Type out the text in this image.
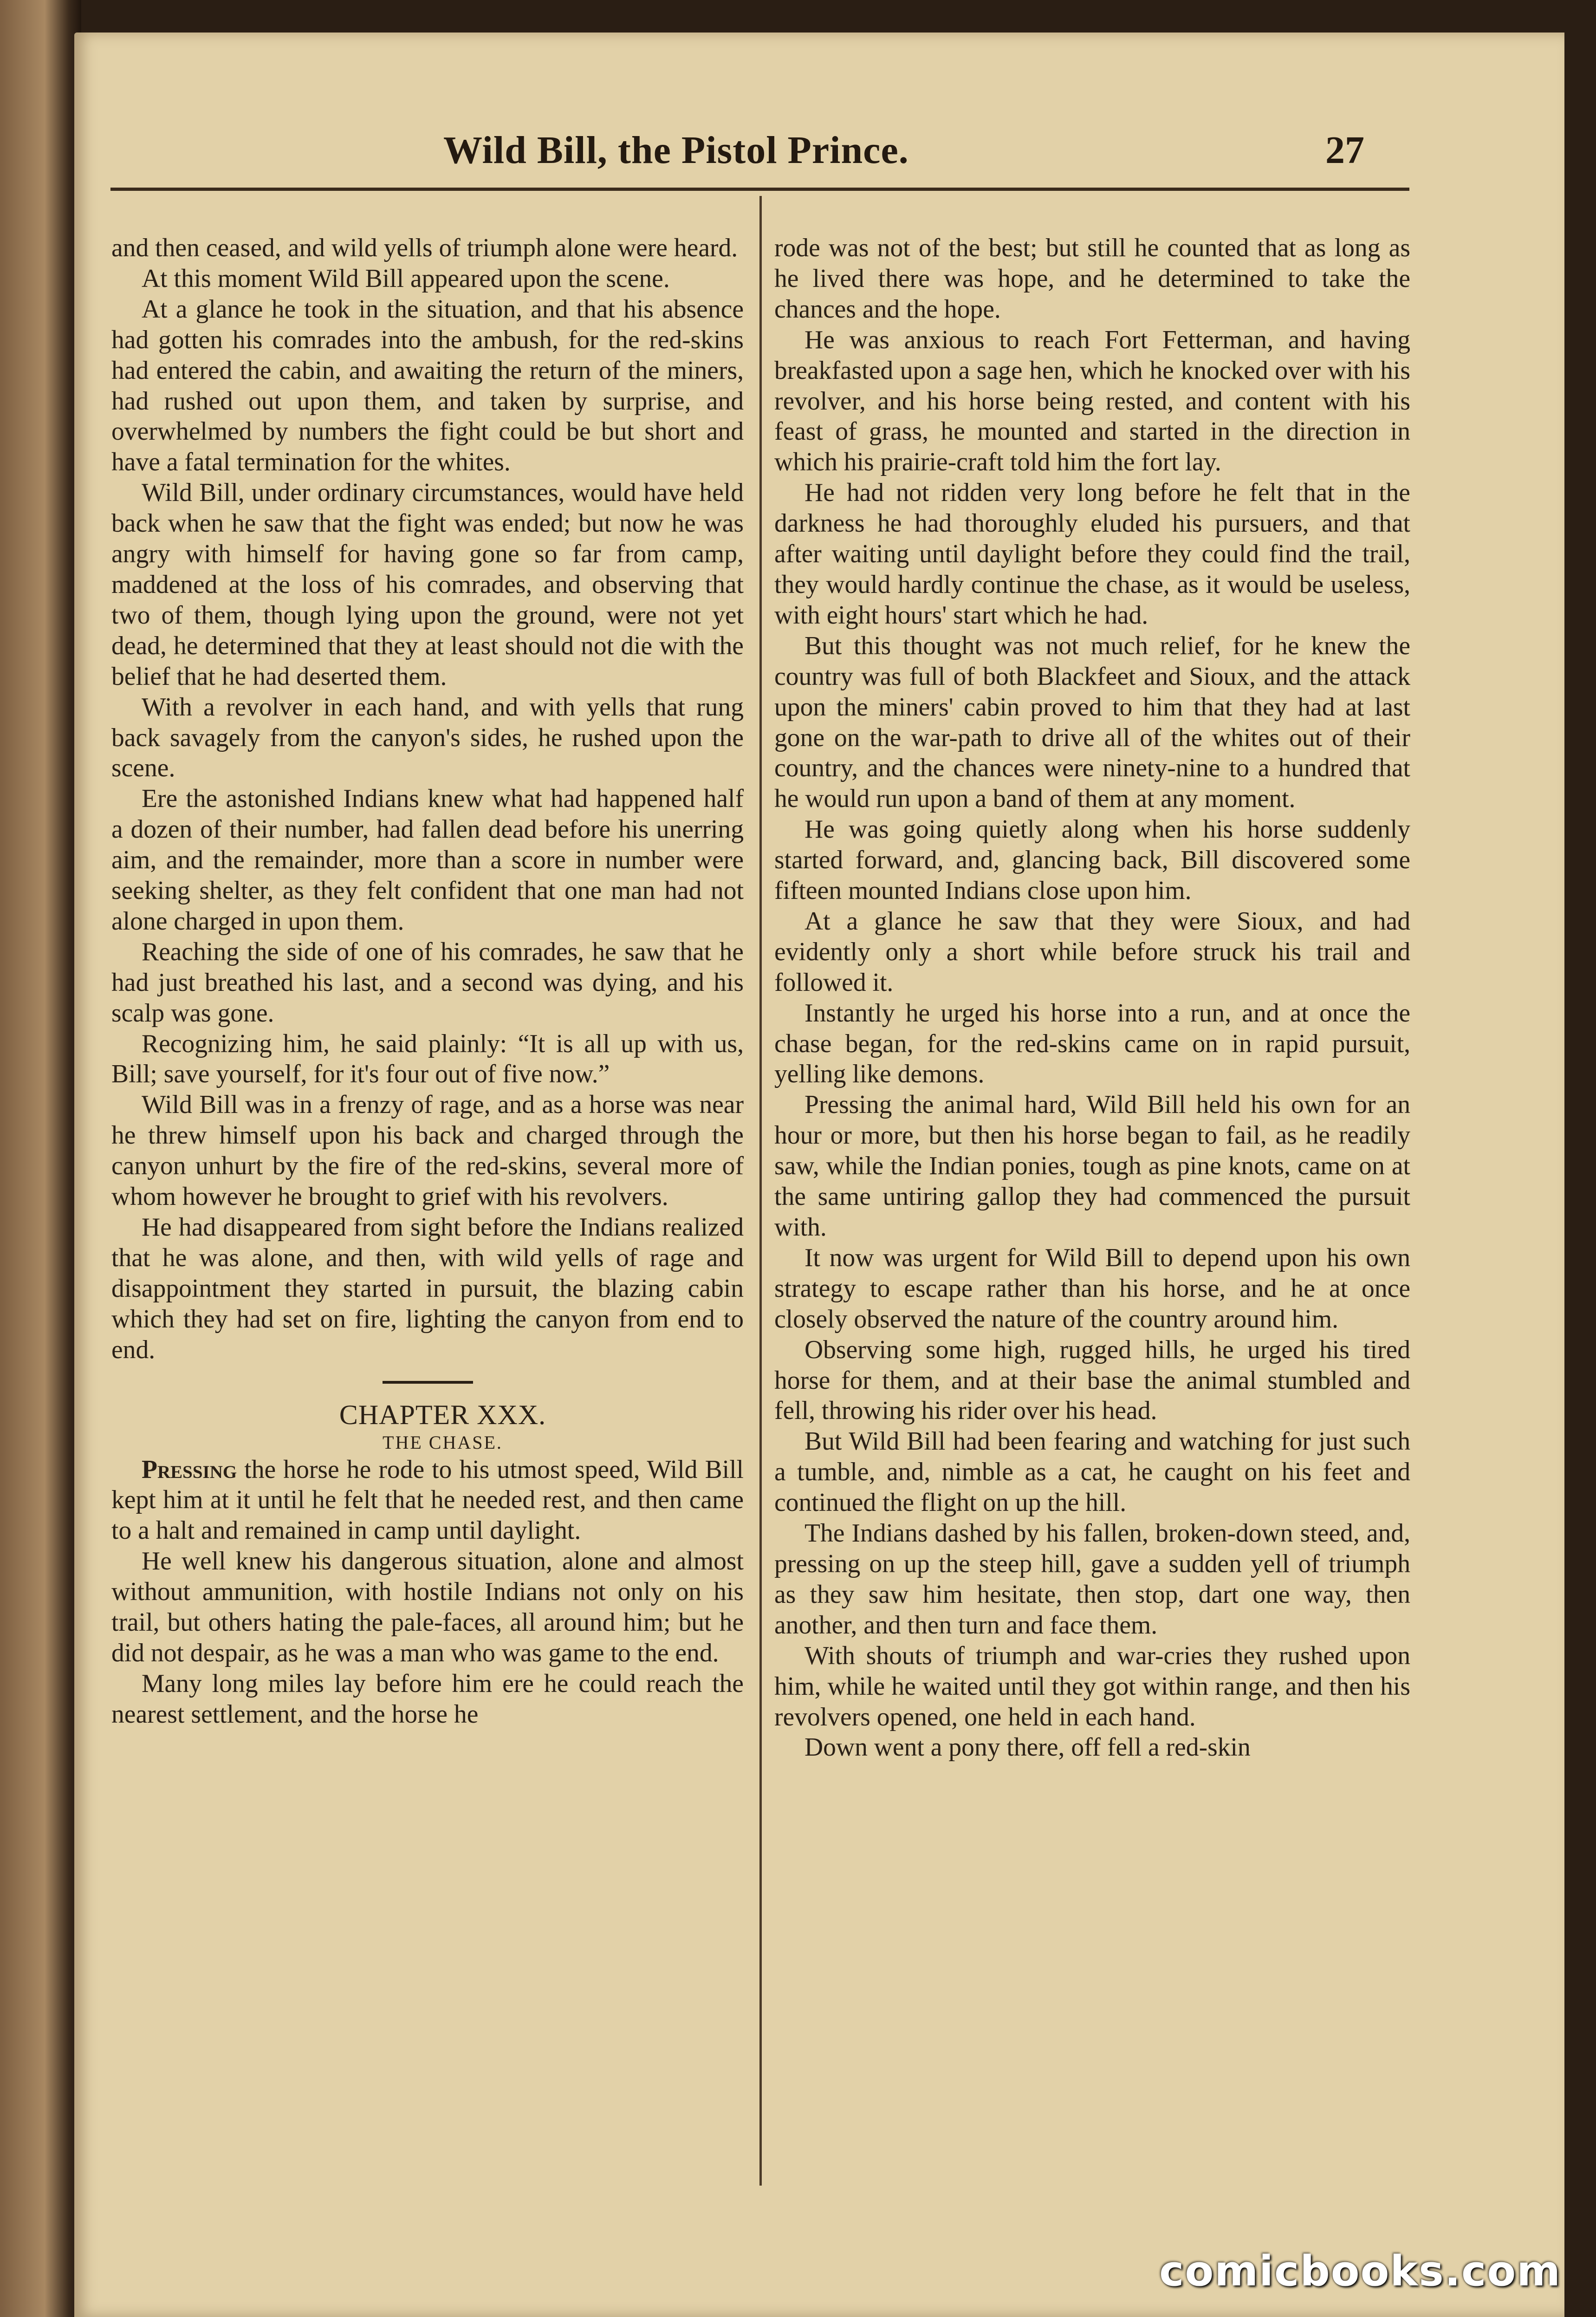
Wild Bill, the Pistol Prince.	27

and then ceased, and wild yells of triumph alone were heard.

At this moment Wild Bill appeared upon the scene.

At a glance he took in the situation, and that his absence had gotten his comrades into the ambush, for the red-skins had entered the cabin, and awaiting the return of the miners, had rushed out upon them, and taken by surprise, and overwhelmed by numbers the fight could be but short and have a fatal termination for the whites.

Wild Bill, under ordinary circumstances, would have held back when he saw that the fight was ended; but now he was angry with himself for having gone so far from camp, maddened at the loss of his comrades, and observing that two of them, though lying upon the ground, were not yet dead, he determined that they at least should not die with the belief that he had deserted them.

With a revolver in each hand, and with yells that rung back savagely from the canyon's sides, he rushed upon the scene.

Ere the astonished Indians knew what had happened half a dozen of their number, had fallen dead before his unerring aim, and the remainder, more than a score in number were seeking shelter, as they felt confident that one man had not alone charged in upon them.

Reaching the side of one of his comrades, he saw that he had just breathed his last, and a second was dying, and his scalp was gone.

Recognizing him, he said plainly: “It is all up with us, Bill; save yourself, for it's four out of five now.”

Wild Bill was in a frenzy of rage, and as a horse was near he threw himself upon his back and charged through the canyon unhurt by the fire of the red-skins, several more of whom however he brought to grief with his revolvers.

He had disappeared from sight before the Indians realized that he was alone, and then, with wild yells of rage and disappointment they started in pursuit, the blazing cabin which they had set on fire, lighting the canyon from end to end.

CHAPTER XXX.

THE CHASE.

Pressing the horse he rode to his utmost speed, Wild Bill kept him at it until he felt that he needed rest, and then came to a halt and remained in camp until daylight.

He well knew his dangerous situation, alone and almost without ammunition, with hostile Indians not only on his trail, but others hating the pale-faces, all around him; but he did not despair, as he was a man who was game to the end.

Many long miles lay before him ere he could reach the nearest settlement, and the horse he

rode was not of the best; but still he counted that as long as he lived there was hope, and he determined to take the chances and the hope.

He was anxious to reach Fort Fetterman, and having breakfasted upon a sage hen, which he knocked over with his revolver, and his horse being rested, and content with his feast of grass, he mounted and started in the direction in which his prairie-craft told him the fort lay.

He had not ridden very long before he felt that in the darkness he had thoroughly eluded his pursuers, and that after waiting until daylight before they could find the trail, they would hardly continue the chase, as it would be useless, with eight hours' start which he had.

But this thought was not much relief, for he knew the country was full of both Blackfeet and Sioux, and the attack upon the miners' cabin proved to him that they had at last gone on the war-path to drive all of the whites out of their country, and the chances were ninety-nine to a hundred that he would run upon a band of them at any moment.

He was going quietly along when his horse suddenly started forward, and, glancing back, Bill discovered some fifteen mounted Indians close upon him.

At a glance he saw that they were Sioux, and had evidently only a short while before struck his trail and followed it.

Instantly he urged his horse into a run, and at once the chase began, for the red-skins came on in rapid pursuit, yelling like demons.

Pressing the animal hard, Wild Bill held his own for an hour or more, but then his horse began to fail, as he readily saw, while the Indian ponies, tough as pine knots, came on at the same untiring gallop they had commenced the pursuit with.

It now was urgent for Wild Bill to depend upon his own strategy to escape rather than his horse, and he at once closely observed the nature of the country around him.

Observing some high, rugged hills, he urged his tired horse for them, and at their base the animal stumbled and fell, throwing his rider over his head.

But Wild Bill had been fearing and watching for just such a tumble, and, nimble as a cat, he caught on his feet and continued the flight on up the hill.

The Indians dashed by his fallen, broken-down steed, and, pressing on up the steep hill, gave a sudden yell of triumph as they saw him hesitate, then stop, dart one way, then another, and then turn and face them.

With shouts of triumph and war-cries they rushed upon him, while he waited until they got within range, and then his revolvers opened, one held in each hand.

Down went a pony there, off fell a red-skin

comicbooks.com
